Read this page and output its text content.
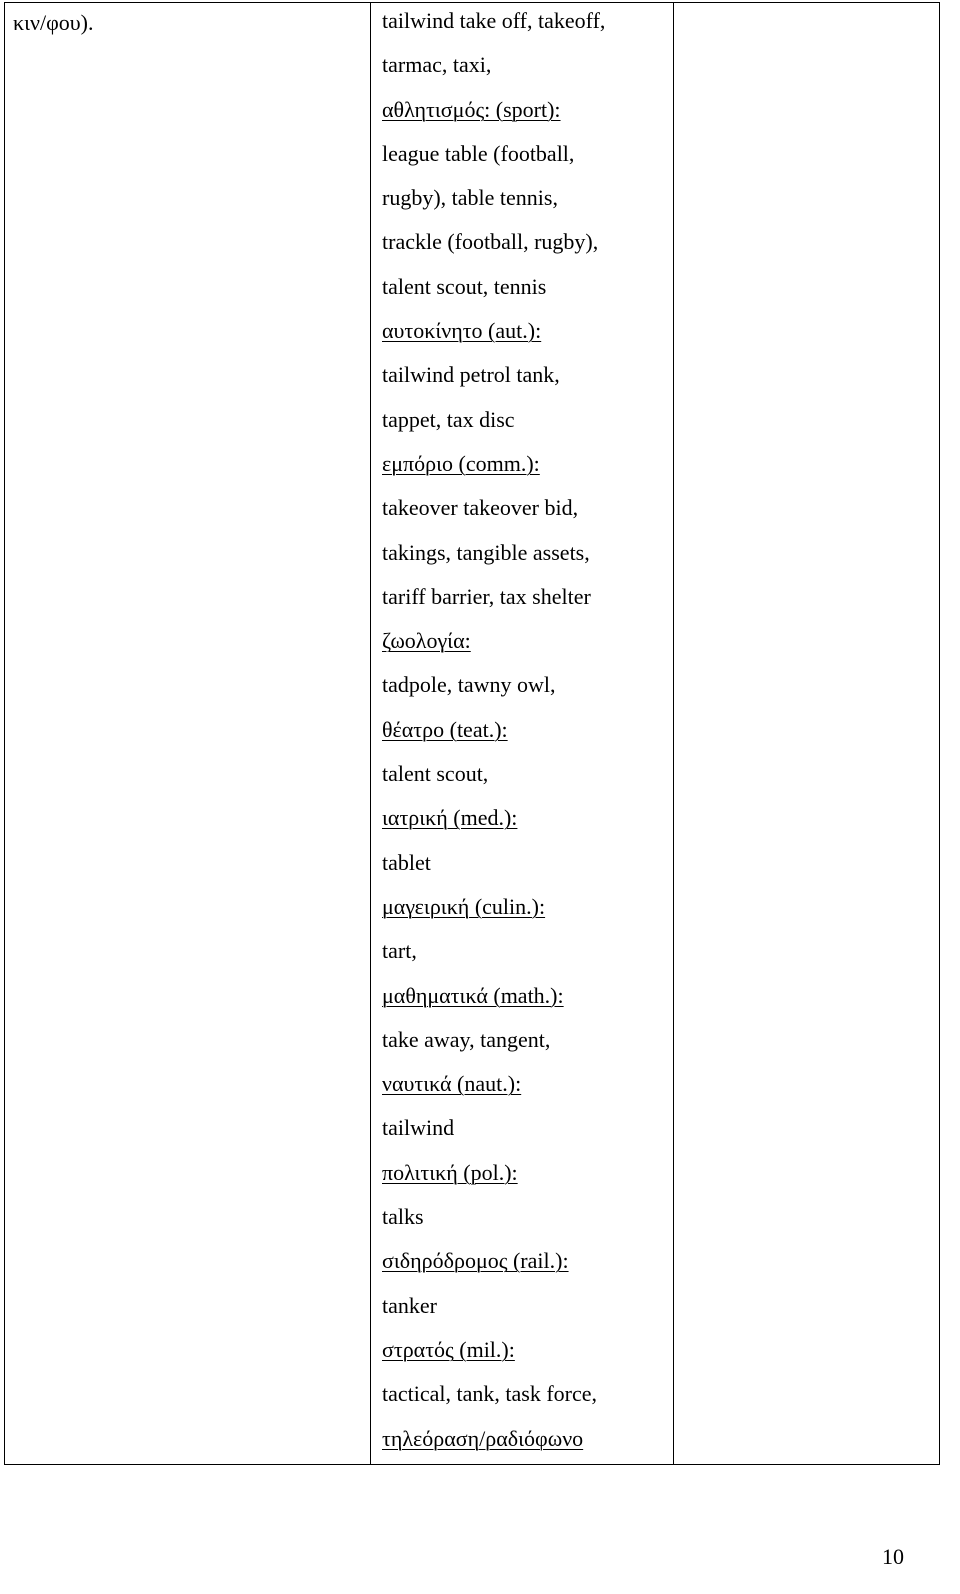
κιν/φου).	tailwind take off, takeoff,
tarmac, taxi,
αθλητισμός: (sport):
league table (football,
rugby), table tennis,
trackle (football, rugby),
talent scout, tennis
αυτοκίνητο (aut.):
tailwind petrol tank,
tappet, tax disc
εμπόριο (comm.):
takeover takeover bid,
takings, tangible assets,
tariff barrier, tax shelter
ζωολογία:
tadpole, tawny owl,
θέατρο (teat.):
talent scout,
ιατρική (med.):
tablet
μαγειρική (culin.):
tart,
μαθηματικά (math.):
take away, tangent,
ναυτικά (naut.):
tailwind
πολιτική (pol.):
talks
σιδηρόδρομος (rail.):
tanker
στρατός (mil.):
tactical, tank, task force,
τηλεόραση/ραδιόφωνο
10
